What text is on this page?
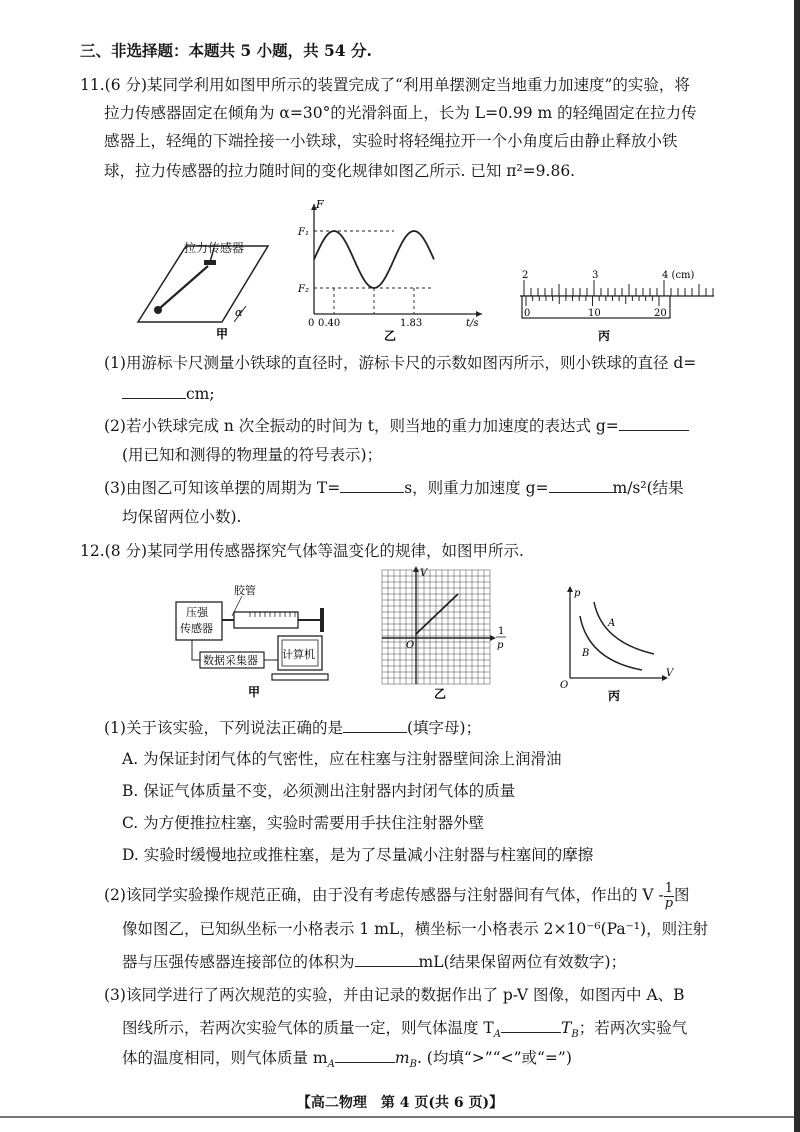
三、非选择题：本题共 5 小题，共 54 分.
11.(6 分)某同学利用如图甲所示的装置完成了“利用单摆测定当地重力加速度”的实验，将
拉力传感器固定在倾角为 α=30°的光滑斜面上，长为 L=0.99 m 的轻绳固定在拉力传
感器上，轻绳的下端拴接一小铁球，实验时将轻绳拉开一个小角度后由静止释放小铁
球，拉力传感器的拉力随时间的变化规律如图乙所示. 已知 π²=9.86.
α
甲
拉力传感器
F
F₁
F₂
0 0.40	1.83	t/s
乙
2	3	4 (cm)
0	10	20
丙
(1)用游标卡尺测量小铁球的直径时，游标卡尺的示数如图丙所示，则小铁球的直径 d=
cm;
(2)若小铁球完成 n 次全振动的时间为 t，则当地的重力加速度的表达式 g=
(用已知和测得的物理量的符号表示)；
(3)由图乙可知该单摆的周期为 T=	s，则重力加速度 g=	m/s²(结果
均保留两位小数).
12.(8 分)某同学用传感器探究气体等温变化的规律，如图甲所示.
压强
传感器
胶管
数据采集器 计算机
甲
V
O
1
p
乙
p
V
O
A
B
丙
(1)关于该实验，下列说法正确的是	(填字母)；
A. 为保证封闭气体的气密性，应在柱塞与注射器壁间涂上润滑油
B. 保证气体质量不变，必须测出注射器内封闭气体的质量
C. 为方便推拉柱塞，实验时需要用手扶住注射器外壁
D. 实验时缓慢地拉或推柱塞，是为了尽量减小注射器与柱塞间的摩擦
(2)该同学实验操作规范正确，由于没有考虑传感器与注射器间有气体，作出的 V - $\frac{1}{p}$ 图
像如图乙，已知纵坐标一小格表示 1 mL，横坐标一小格表示 2×10⁻⁶(Pa⁻¹)，则注射
器与压强传感器连接部位的体积为	mL(结果保留两位有效数字)；
(3)该同学进行了两次规范的实验，并由记录的数据作出了 p-V 图像，如图丙中 A、B
图线所示，若两次实验气体的质量一定，则气体温度 $T_A$	$T_B$；若两次实验气
体的温度相同，则气体质量 $m_A$	$m_B$. (均填“>”“<”或“=”)
【高二物理　第 4 页(共 6 页)】
